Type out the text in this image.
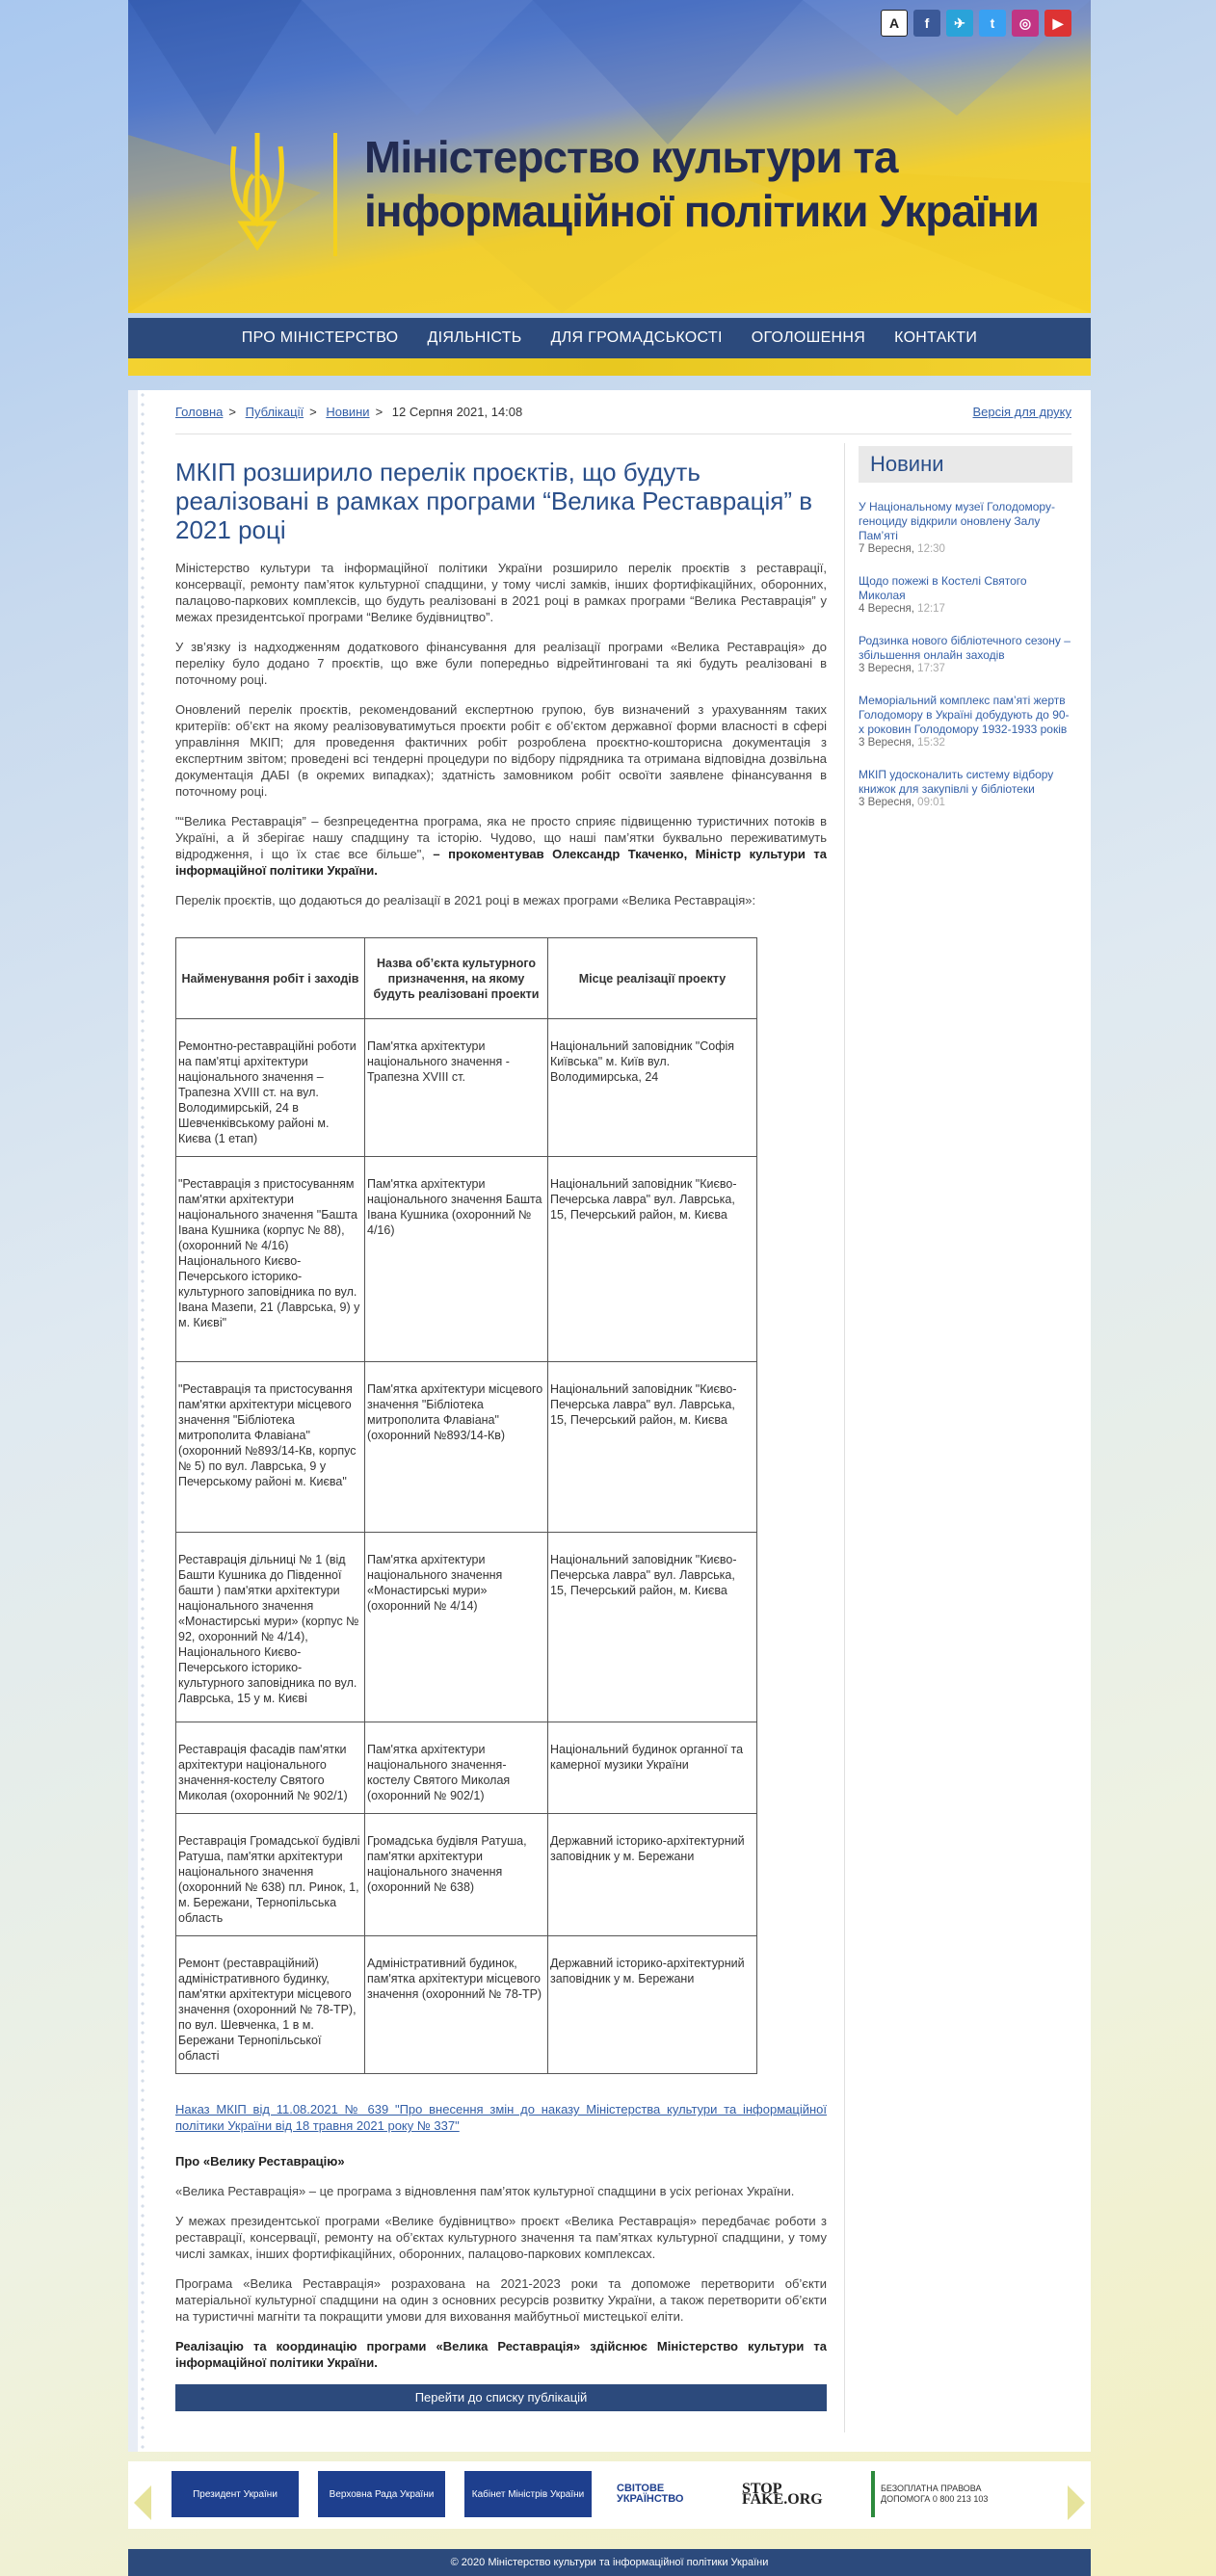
A	f	✈	t	◎	▶
Міністерство культури та
інформаційної політики України
ПРО МІНІСТЕРСТВО	ДІЯЛЬНІСТЬ	ДЛЯ ГРОМАДСЬКОСТІ	ОГОЛОШЕННЯ	КОНТАКТИ
Головна > Публікації > Новини > 12 Серпня 2021, 14:08	Версія для друку
МКІП розширило перелік проєктів, що будуть реалізовані в рамках програми “Велика Реставрація” в 2021 році

Міністерство культури та інформаційної політики України розширило перелік проєктів з реставрації, консервації, ремонту пам’яток культурної спадщини, у тому числі замків, інших фортифікаційних, оборонних, палацово-паркових комплексів, що будуть реалізовані в 2021 році в рамках програми “Велика Реставрація” у межах президентської програми “Велике будівництво”.

У зв’язку із надходженням додаткового фінансування для реалізації програми «Велика Реставрація» до переліку було додано 7 проєктів, що вже були попередньо відрейтинговані та які будуть реалізовані в поточному році.

Оновлений перелік проєктів, рекомендований експертною групою, був визначений з урахуванням таких критеріїв: об’єкт на якому реалізовуватимуться проєкти робіт є об’єктом державної форми власності в сфері управління МКІП; для проведення фактичних робіт розроблена проєктно-кошторисна документація з експертним звітом; проведені всі тендерні процедури по відбору підрядника та отримана відповідна дозвільна документація ДАБІ (в окремих випадках); здатність замовником робіт освоїти заявлене фінансування в поточному році.

"“Велика Реставрація” – безпрецедентна програма, яка не просто сприяє підвищенню туристичних потоків в Україні, а й зберігає нашу спадщину та історію. Чудово, що наші пам’ятки буквально переживатимуть відродження, і що їх стає все більше", – прокоментував Олександр Ткаченко, Міністр культури та інформаційної політики України.

Перелік проєктів, що додаються до реалізації в 2021 році в межах програми «Велика Реставрація»:

Найменування робіт і заходів	Назва об’єкта культурного призначення, на якому будуть реалізовані проекти	Місце реалізації проекту
Ремонтно-реставраційні роботи на пам'ятці архітектури національного значення – Трапезна XVIII ст. на вул. Володимирській, 24 в Шевченківському районі м. Києва (1 етап)	Пам'ятка архітектури національного значення - Трапезна XVIII ст.	Національний заповідник "Софія Київська" м. Київ вул. Володимирська, 24
"Реставрація з пристосуванням пам'ятки архітектури національного значення "Башта Івана Кушника (корпус № 88), (охоронний № 4/16) Національного Києво-Печерського історико-культурного заповідника по вул. Івана Мазепи, 21 (Лаврська, 9) у м. Києві"	Пам'ятка архітектури національного значення Башта Івана Кушника (охоронний № 4/16)	Національний заповідник "Києво-Печерська лавра" вул. Лаврська, 15, Печерський район, м. Києва
"Реставрація та пристосування пам'ятки архітектури місцевого значення "Бібліотека митрополита Флавіана" (охоронний №893/14-Кв, корпус № 5) по вул. Лаврська, 9 у Печерському районі м. Києва"	Пам'ятка архітектури місцевого значення "Бібліотека митрополита Флавіана" (охоронний №893/14-Кв)	Національний заповідник "Києво-Печерська лавра" вул. Лаврська, 15, Печерський район, м. Києва
Реставрація дільниці № 1 (від Башти Кушника до Південної башти ) пам'ятки архітектури національного значення «Монастирські мури» (корпус № 92, охоронний № 4/14), Національного Києво-Печерського історико-культурного заповідника по вул. Лаврська, 15 у м. Києві	Пам'ятка архітектури національного значення «Монастирські мури» (охоронний № 4/14)	Національний заповідник "Києво-Печерська лавра" вул. Лаврська, 15, Печерський район, м. Києва
Реставрація фасадів пам'ятки архітектури національного значення-костелу Святого Миколая (охоронний № 902/1)	Пам'ятка архітектури національного значення-костелу Святого Миколая (охоронний № 902/1)	Національний будинок органної та камерної музики України
Реставрація Громадської будівлі Ратуша, пам'ятки архітектури національного значення (охоронний № 638) пл. Ринок, 1, м. Бережани, Тернопільська область	Громадська будівля Ратуша, пам'ятки архітектури національного значення (охоронний № 638)	Державний історико-архітектурний заповідник у м. Бережани
Ремонт (реставраційний) адміністративного будинку, пам'ятки архітектури місцевого значення (охоронний № 78-ТР), по вул. Шевченка, 1 в м. Бережани Тернопільської області	Адміністративний будинок, пам'ятка архітектури місцевого значення (охоронний № 78-ТР)	Державний історико-архітектурний заповідник у м. Бережани
Наказ МКІП від 11.08.2021 № 639 "Про внесення змін до наказу Міністерства культури та інформаційної політики України від 18 травня 2021 року № 337"

Про «Велику Реставрацію»

«Велика Реставрація» – це програма з відновлення пам’яток культурної спадщини в усіх регіонах України.

У межах президентської програми «Велике будівництво» проєкт «Велика Реставрація» передбачає роботи з реставрації, консервації, ремонту на об’єктах культурного значення та пам’ятках культурної спадщини, у тому числі замках, інших фортифікаційних, оборонних, палацово-паркових комплексах.

Програма «Велика Реставрація» розрахована на 2021-2023 роки та допоможе перетворити об’єкти матеріальної культурної спадщини на один з основних ресурсів розвитку України, а також перетворити об’єкти на туристичні магніти та покращити умови для виховання майбутньої мистецької еліти.

Реалізацію та координацію програми «Велика Реставрація» здійснює Міністерство культури та інформаційної політики України.

Перейти до списку публікацій
Новини
У Національному музеї Голодомору-геноциду відкрили оновлену Залу Пам’яті
7 Вересня, 12:30
Щодо пожежі в Костелі Святого Миколая
4 Вересня, 12:17
Родзинка нового бібліотечного сезону – збільшення онлайн заходів
3 Вересня, 17:37
Меморіальний комплекс пам’яті жертв Голодомору в Україні добудують до 90-х роковин Голодомору 1932-1933 років
3 Вересня, 15:32
МКІП удосконалить систему відбору книжок для закупівлі у бібліотеки
3 Вересня, 09:01
Президент України	Верховна Рада України	Кабінет Міністрів України	СВІТОВЕ УКРАЇНСТВО
STOP FAKE.ORG
БЕЗОПЛАТНА ПРАВОВА ДОПОМОГА 0 800 213 103
© 2020 Міністерство культури та інформаційної політики України
